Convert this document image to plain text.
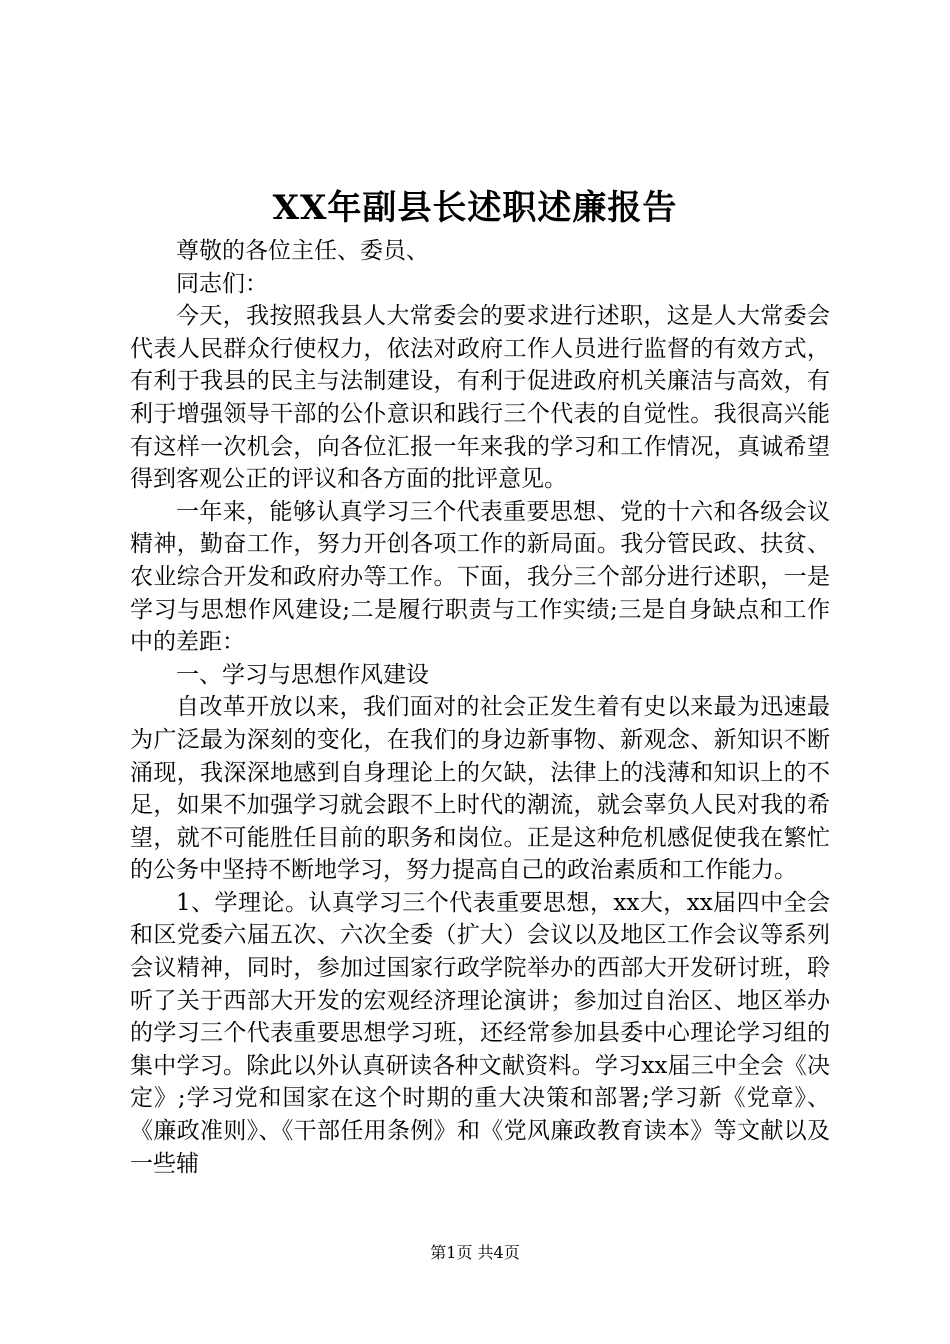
XX年副县长述职述廉报告

尊敬的各位主任、委员、

同志们：

今天，我按照我县人大常委会的要求进行述职，这是人大常委会代表人民群众行使权力，依法对政府工作人员进行监督的有效方式，有利于我县的民主与法制建设，有利于促进政府机关廉洁与高效，有利于增强领导干部的公仆意识和践行三个代表的自觉性。我很高兴能有这样一次机会，向各位汇报一年来我的学习和工作情况，真诚希望得到客观公正的评议和各方面的批评意见。

一年来，能够认真学习三个代表重要思想、党的十六和各级会议精神，勤奋工作，努力开创各项工作的新局面。我分管民政、扶贫、农业综合开发和政府办等工作。下面，我分三个部分进行述职，一是学习与思想作风建设;二是履行职责与工作实绩;三是自身缺点和工作中的差距：

一、学习与思想作风建设

自改革开放以来，我们面对的社会正发生着有史以来最为迅速最为广泛最为深刻的变化，在我们的身边新事物、新观念、新知识不断涌现，我深深地感到自身理论上的欠缺，法律上的浅薄和知识上的不足，如果不加强学习就会跟不上时代的潮流，就会辜负人民对我的希望，就不可能胜任目前的职务和岗位。正是这种危机感促使我在繁忙的公务中坚持不断地学习，努力提高自己的政治素质和工作能力。

1、学理论。认真学习三个代表重要思想，xx大，xx届四中全会和区党委六届五次、六次全委（扩大）会议以及地区工作会议等系列会议精神，同时，参加过国家行政学院举办的西部大开发研讨班，聆听了关于西部大开发的宏观经济理论演讲；参加过自治区、地区举办的学习三个代表重要思想学习班，还经常参加县委中心理论学习组的集中学习。除此以外认真研读各种文献资料。学习xx届三中全会《决定》;学习党和国家在这个时期的重大决策和部署;学习新《党章》、《廉政准则》、《干部任用条例》和《党风廉政教育读本》等文献以及一些辅

第1页 共4页
